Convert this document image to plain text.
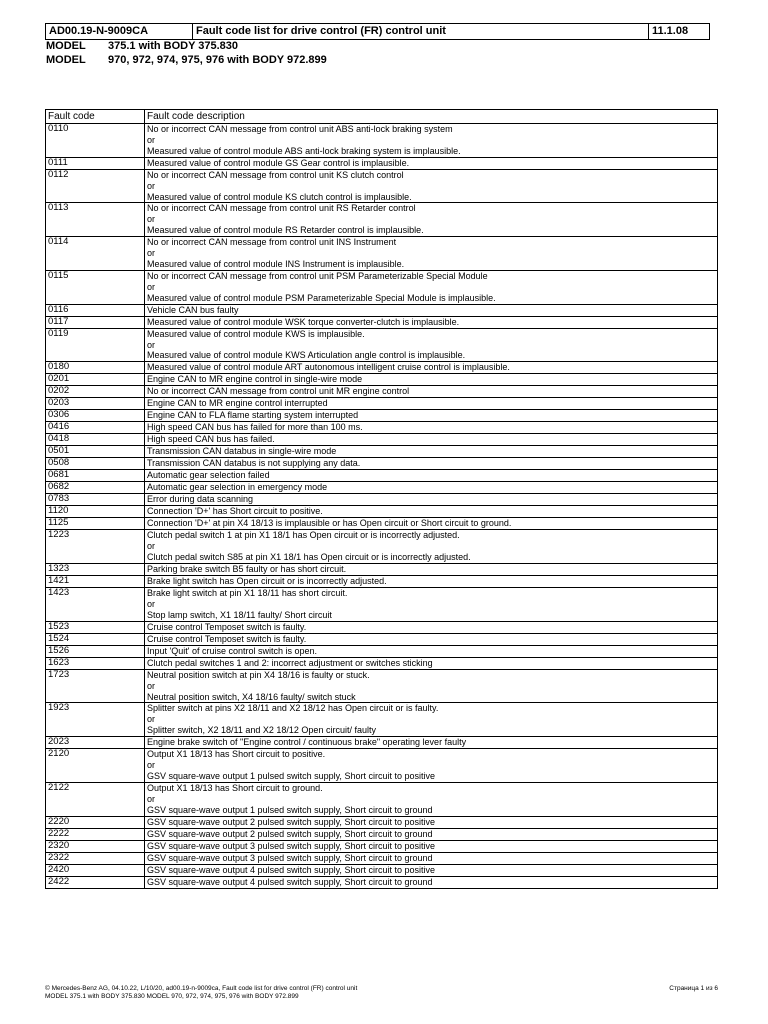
AD00.19-N-9009CA	Fault code list for drive control (FR) control unit	11.1.08
MODEL 375.1 with BODY 375.830
MODEL 970, 972, 974, 975, 976 with BODY 972.899
Fault code	Fault code description
0110	No or incorrect CAN message from control unit ABS anti-lock braking system
or
Measured value of control module ABS anti-lock braking system is implausible.
0111	Measured value of control module GS Gear control is implausible.
0112	No or incorrect CAN message from control unit KS clutch control
or
Measured value of control module KS clutch control is implausible.
0113	No or incorrect CAN message from control unit RS Retarder control
or
Measured value of control module RS Retarder control is implausible.
0114	No or incorrect CAN message from control unit INS Instrument
or
Measured value of control module INS Instrument is implausible.
0115	No or incorrect CAN message from control unit PSM Parameterizable Special Module
or
Measured value of control module PSM Parameterizable Special Module is implausible.
0116	Vehicle CAN bus faulty
0117	Measured value of control module WSK torque converter-clutch is implausible.
0119	Measured value of control module KWS is implausible.
or
Measured value of control module KWS Articulation angle control is implausible.
0180	Measured value of control module ART autonomous intelligent cruise control is implausible.
0201	Engine CAN to MR engine control in single-wire mode
0202	No or incorrect CAN message from control unit MR engine control
0203	Engine CAN to MR engine control interrupted
0306	Engine CAN to FLA flame starting system interrupted
0416	High speed CAN bus has failed for more than 100 ms.
0418	High speed CAN bus has failed.
0501	Transmission CAN databus in single-wire mode
0508	Transmission CAN databus is not supplying any data.
0681	Automatic gear selection failed
0682	Automatic gear selection in emergency mode
0783	Error during data scanning
1120	Connection 'D+' has Short circuit to positive.
1125	Connection 'D+' at pin X4 18/13 is implausible or has Open circuit or Short circuit to ground.
1223	Clutch pedal switch 1 at pin X1 18/1 has Open circuit or is incorrectly adjusted.
or
Clutch pedal switch S85 at pin X1 18/1 has Open circuit or is incorrectly adjusted.
1323	Parking brake switch B5 faulty or has short circuit.
1421	Brake light switch has Open circuit or is incorrectly adjusted.
1423	Brake light switch at pin X1 18/11 has short circuit.
or
Stop lamp switch, X1 18/11 faulty/ Short circuit
1523	Cruise control Temposet switch is faulty.
1524	Cruise control Temposet switch is faulty.
1526	Input 'Quit' of cruise control switch is open.
1623	Clutch pedal switches 1 and 2: incorrect adjustment or switches sticking
1723	Neutral position switch at pin X4 18/16 is faulty or stuck.
or
Neutral position switch, X4 18/16 faulty/ switch stuck
1923	Splitter switch at pins X2 18/11 and X2 18/12 has Open circuit or is faulty.
or
Splitter switch, X2 18/11 and X2 18/12 Open circuit/ faulty
2023	Engine brake switch of "Engine control / continuous brake" operating lever faulty
2120	Output X1 18/13 has Short circuit to positive.
or
GSV square-wave output 1 pulsed switch supply, Short circuit to positive
2122	Output X1 18/13 has Short circuit to ground.
or
GSV square-wave output 1 pulsed switch supply, Short circuit to ground
2220	GSV square-wave output 2 pulsed switch supply, Short circuit to positive
2222	GSV square-wave output 2 pulsed switch supply, Short circuit to ground
2320	GSV square-wave output 3 pulsed switch supply, Short circuit to positive
2322	GSV square-wave output 3 pulsed switch supply, Short circuit to ground
2420	GSV square-wave output 4 pulsed switch supply, Short circuit to positive
2422	GSV square-wave output 4 pulsed switch supply, Short circuit to ground
© Mercedes-Benz AG, 04.10.22, L/10/20, ad00.19-n-9009ca, Fault code list for drive control (FR) control unit
MODEL 375.1 with BODY 375.830 MODEL 970, 972, 974, 975, 976 with BODY 972.899
Страница 1 из 6
